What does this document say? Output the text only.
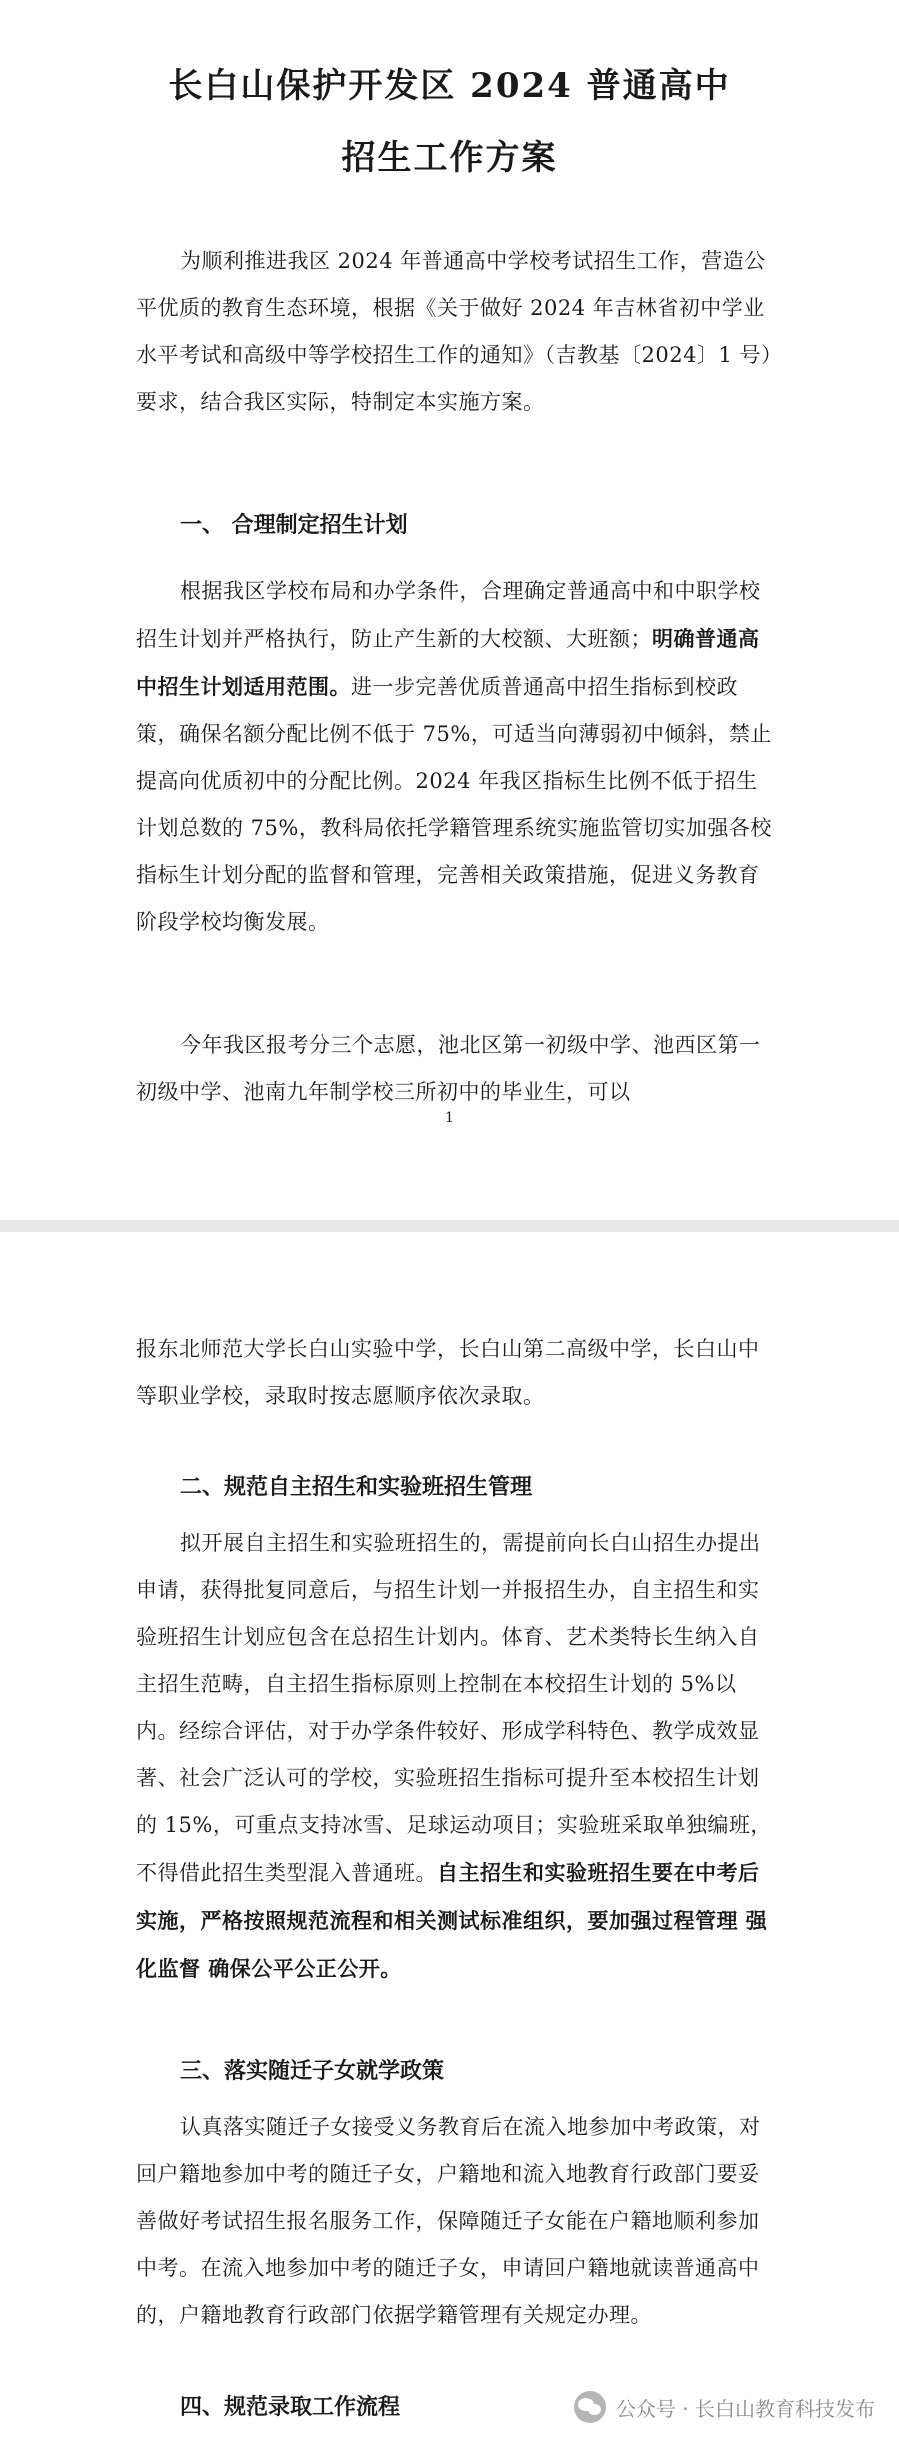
长白山保护开发区 2024 普通高中
招生工作方案

为顺利推进我区 2024 年普通高中学校考试招生工作，营造公平优质的教育生态环境，根据《关于做好 2024 年吉林省初中学业水平考试和高级中等学校招生工作的通知》（吉教基〔2024〕1 号）要求，结合我区实际，特制定本实施方案。

一、 合理制定招生计划

根据我区学校布局和办学条件，合理确定普通高中和中职学校招生计划并严格执行，防止产生新的大校额、大班额；明确普通高中招生计划适用范围。进一步完善优质普通高中招生指标到校政策，确保名额分配比例不低于 75%，可适当向薄弱初中倾斜，禁止提高向优质初中的分配比例。2024 年我区指标生比例不低于招生计划总数的 75%，教科局依托学籍管理系统实施监管切实加强各校指标生计划分配的监督和管理，完善相关政策措施，促进义务教育阶段学校均衡发展。

今年我区报考分三个志愿，池北区第一初级中学、池西区第一初级中学、池南九年制学校三所初中的毕业生，可以

1

报东北师范大学长白山实验中学，长白山第二高级中学，长白山中等职业学校，录取时按志愿顺序依次录取。

二、规范自主招生和实验班招生管理

拟开展自主招生和实验班招生的，需提前向长白山招生办提出申请，获得批复同意后，与招生计划一并报招生办，自主招生和实验班招生计划应包含在总招生计划内。体育、艺术类特长生纳入自主招生范畴，自主招生指标原则上控制在本校招生计划的 5%以内。经综合评估，对于办学条件较好、形成学科特色、教学成效显著、社会广泛认可的学校，实验班招生指标可提升至本校招生计划的 15%，可重点支持冰雪、足球运动项目；实验班采取单独编班，不得借此招生类型混入普通班。自主招生和实验班招生要在中考后实施，严格按照规范流程和相关测试标准组织，要加强过程管理 强化监督 确保公平公正公开。

三、落实随迁子女就学政策

认真落实随迁子女接受义务教育后在流入地参加中考政策，对回户籍地参加中考的随迁子女，户籍地和流入地教育行政部门要妥善做好考试招生报名服务工作，保障随迁子女能在户籍地顺利参加中考。在流入地参加中考的随迁子女，申请回户籍地就读普通高中的，户籍地教育行政部门依据学籍管理有关规定办理。

四、规范录取工作流程	公众号 · 长白山教育科技发布
